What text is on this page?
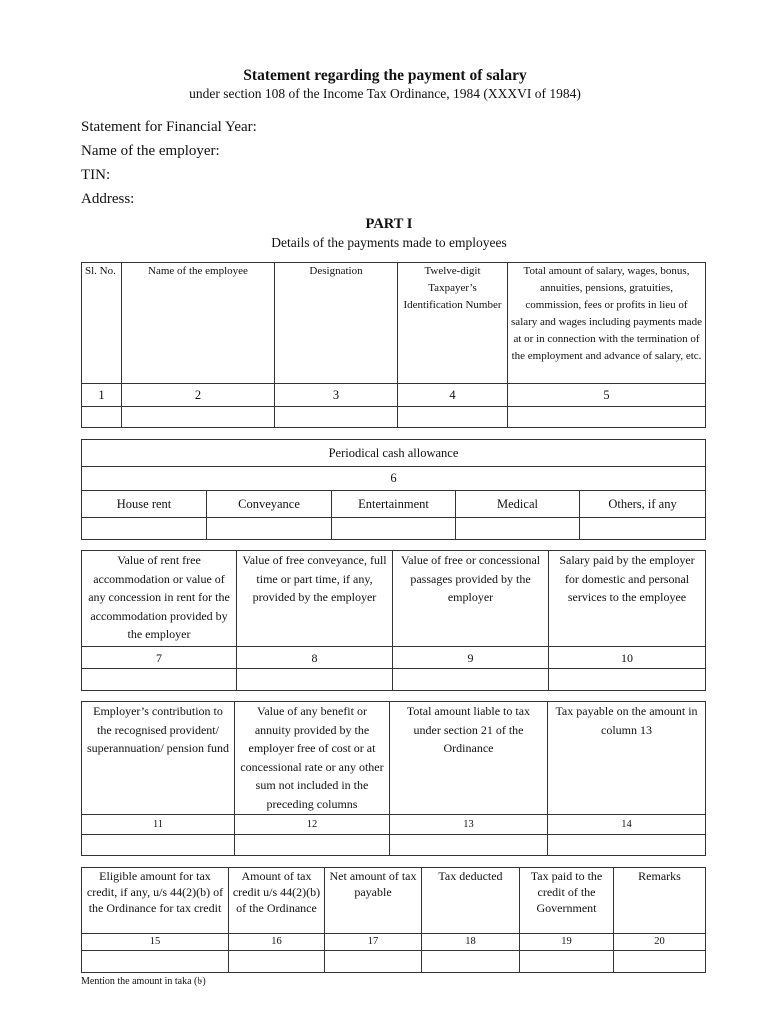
Statement regarding the payment of salary
under section 108 of the Income Tax Ordinance, 1984 (XXXVI of 1984)
Statement for Financial Year:
Name of the employer:
TIN:
Address:
PART I
Details of the payments made to employees
Sl. No.	Name of the employee	Designation	Twelve-digit Taxpayer’s Identification Number	Total amount of salary, wages, bonus, annuities, pensions, gratuities, commission, fees or profits in lieu of salary and wages including payments made at or in connection with the termination of the employment and advance of salary, etc.
1	2	3	4	5

Periodical cash allowance				
6				
House rent	Conveyance	Entertainment	Medical	Others, if any

Value of rent free accommodation or value of any concession in rent for the accommodation provided by the employer	Value of free conveyance, full time or part time, if any, provided by the employer	Value of free or concessional passages provided by the employer	Salary paid by the employer for domestic and personal services to the employee
7	8	9	10

Employer’s contribution to the recognised provident/ superannuation/ pension fund	Value of any benefit or annuity provided by the employer free of cost or at concessional rate or any other sum not included in the preceding columns	Total amount liable to tax under section 21 of the Ordinance	Tax payable on the amount in column 13
11	12	13	14

Eligible amount for tax credit, if any, u/s 44(2)(b) of the Ordinance for tax credit	Amount of tax credit u/s 44(2)(b) of the Ordinance	Net amount of tax payable	Tax deducted	Tax paid to the credit of the Government	Remarks
15	16	17	18	19	20

Mention the amount in taka (৳)
